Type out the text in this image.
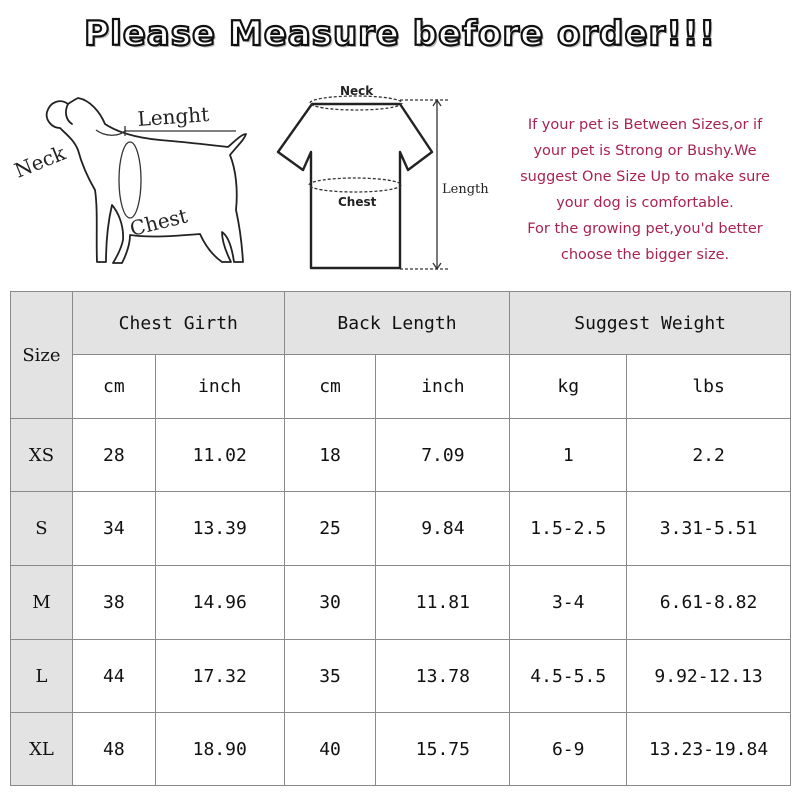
Please Measure before order!!!
Neck
Lenght
Chest
Neck
Chest
Length
If your pet is Between Sizes,or if
your pet is Strong or Bushy.We
suggest One Size Up to make sure
your dog is comfortable.
For the growing pet,you'd better
choose the bigger size.
Size	Chest Girth		Back Length		Suggest Weight	
	cm	inch	cm	inch	kg	lbs
XS	28	11.02	18	7.09	1	2.2
S	34	13.39	25	9.84	1.5-2.5	3.31-5.51
M	38	14.96	30	11.81	3-4	6.61-8.82
L	44	17.32	35	13.78	4.5-5.5	9.92-12.13
XL	48	18.90	40	15.75	6-9	13.23-19.84
